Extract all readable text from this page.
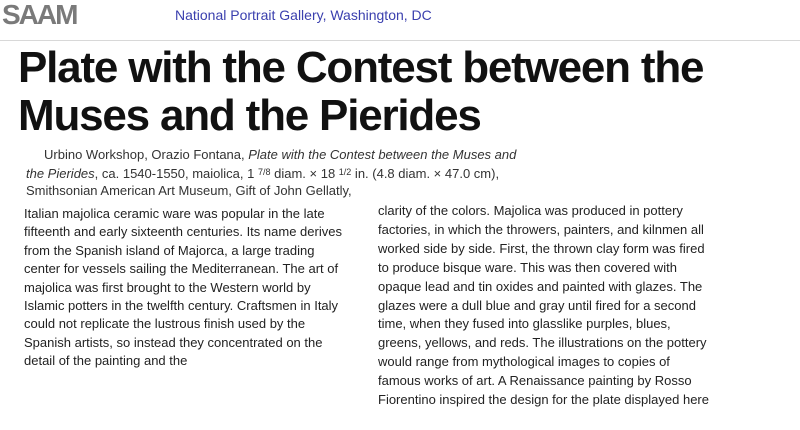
SAAM	National Portrait Gallery, Washington, DC
Plate with the Contest between the Muses and the Pierides
Urbino Workshop, Orazio Fontana, Plate with the Contest between the Muses and the Pierides, ca. 1540-1550, maiolica, 1 $^{7/8}$ diam. × 18 $^{1/2}$ in. (4.8 diam. × 47.0 cm), Smithsonian American Art Museum, Gift of John Gellatly,

Italian majolica ceramic ware was popular in the late fifteenth and early sixteenth centuries. Its name derives from the Spanish island of Majorca, a large trading center for vessels sailing the Mediterranean. The art of majolica was first brought to the Western world by Islamic potters in the twelfth century. Craftsmen in Italy could not replicate the lustrous finish used by the Spanish artists, so instead they concentrated on the detail of the painting and the

clarity of the colors. Majolica was produced in pottery factories, in which the throwers, painters, and kilnmen all worked side by side. First, the thrown clay form was fired to produce bisque ware. This was then covered with opaque lead and tin oxides and painted with glazes. The glazes were a dull blue and gray until fired for a second time, when they fused into glasslike purples, blues, greens, yellows, and reds. The illustrations on the pottery would range from mythological images to copies of famous works of art. A Renaissance painting by Rosso Fiorentino inspired the design for the plate displayed here
